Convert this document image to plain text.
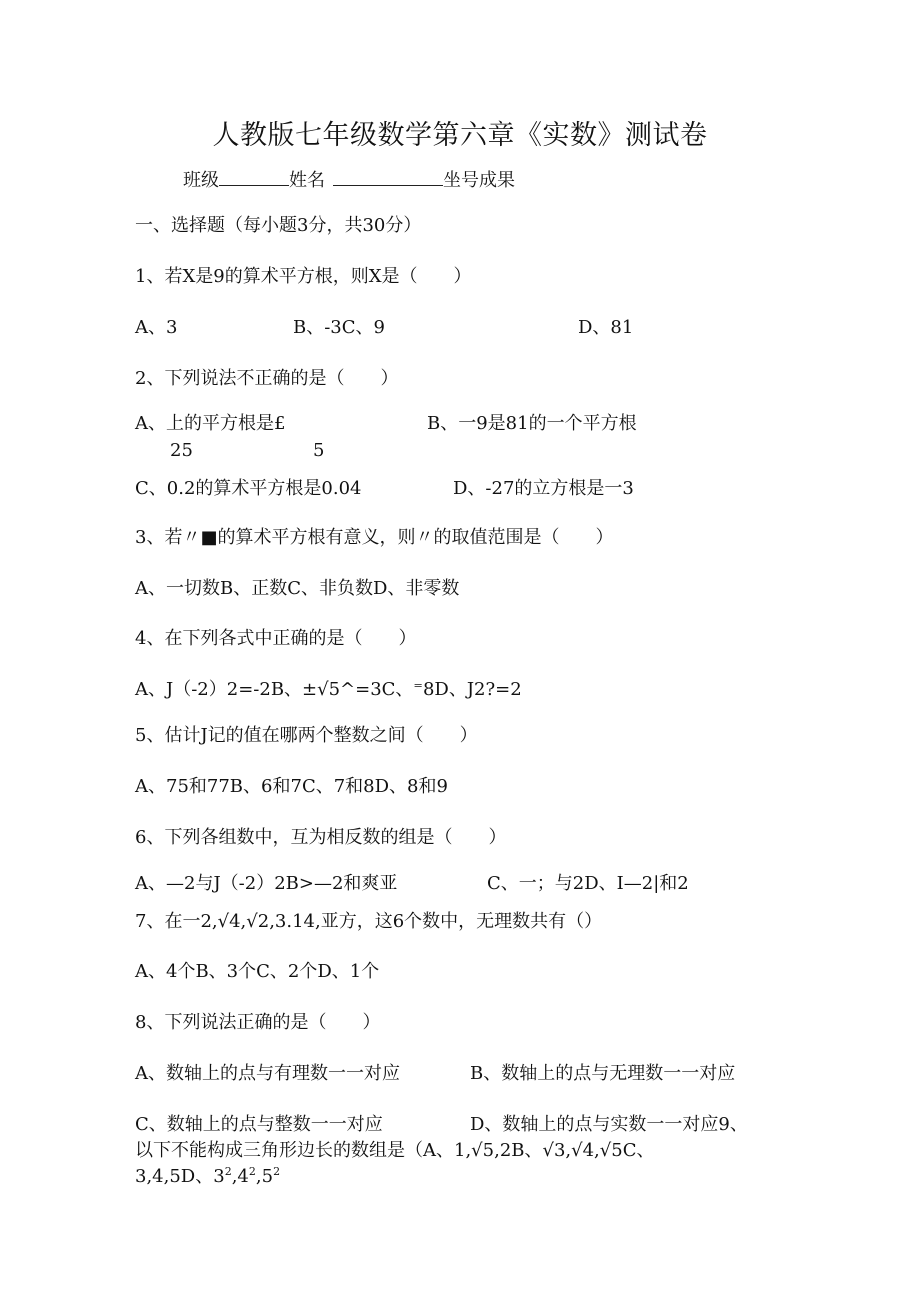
人教版七年级数学第六章《实数》测试卷
班级	姓名	坐号成果
一、选择题（每小题3分，共30分）
1、若X是9的算术平方根，则X是（　　）
A、3	B、-3C、9	D、81
2、下列说法不正确的是（　　）
A、上的平方根是£	B、一9是81的一个平方根
25	5
C、0.2的算术平方根是0.04	D、-27的立方根是一3
3、若〃■的算术平方根有意义，则〃的取值范围是（　　）
A、一切数B、正数C、非负数D、非零数
4、在下列各式中正确的是（　　）
A、J（-2）2=-2B、±√5^=3C、⁼8D、J2?=2
5、估计J记的值在哪两个整数之间（　　）
A、75和77B、6和7C、7和8D、8和9
6、下列各组数中，互为相反数的组是（　　）
A、—2与J（-2）2B>—2和爽亚	C、一；与2D、I—2|和2
7、在一2,√4,√2,3.14,亚方，这6个数中，无理数共有（）
A、4个B、3个C、2个D、1个
8、下列说法正确的是（　　）
A、数轴上的点与有理数一一对应	B、数轴上的点与无理数一一对应
C、数轴上的点与整数一一对应	D、数轴上的点与实数一一对应9、
以下不能构成三角形边长的数组是（A、1,√5,2B、√3,√4,√5C、
3,4,5D、$3^2,4^2,5^2$
